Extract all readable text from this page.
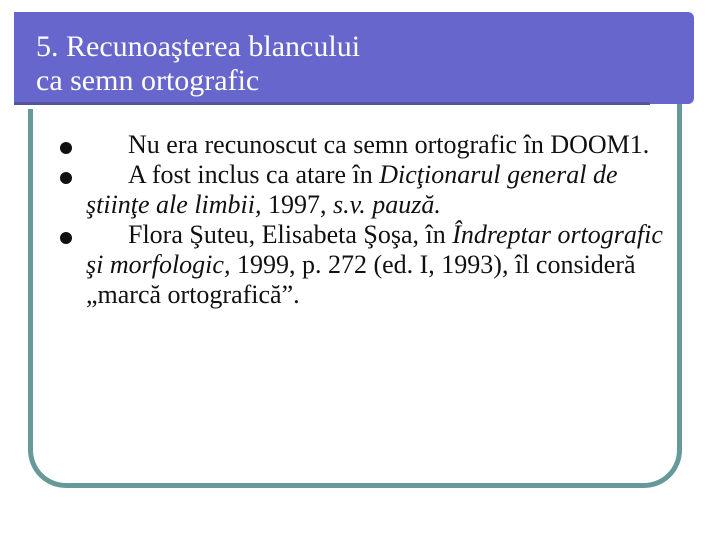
5. Recunoaşterea blancului
ca semn ortografic
Nu era recunoscut ca semn ortografic în DOOM1.
A fost inclus ca atare în Dicţionarul general de ştiinţe ale limbii, 1997, s.v. pauză.
Flora Şuteu, Elisabeta Şoşa, în Îndreptar ortografic şi morfologic, 1999, p. 272 (ed. I, 1993), îl consideră „marcă ortografică”.
